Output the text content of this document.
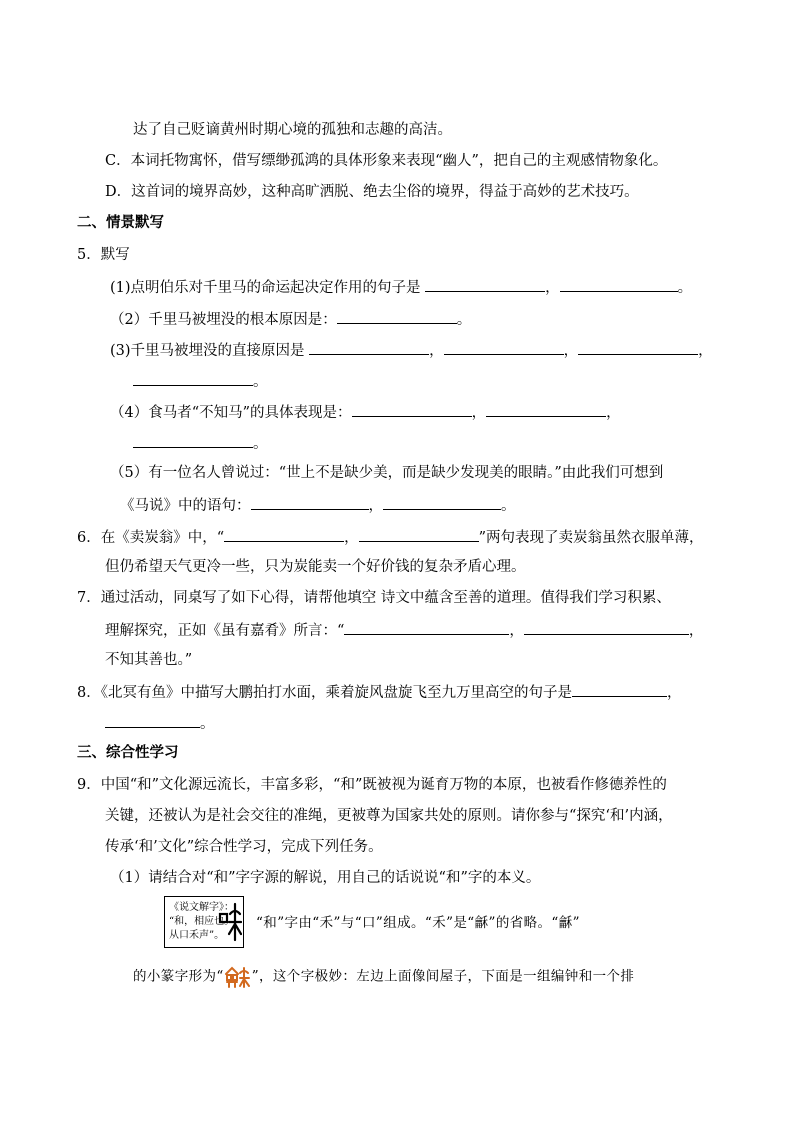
达了自己贬谪黄州时期心境的孤独和志趣的高洁。
C．本词托物寓怀，借写缥缈孤鸿的具体形象来表现“幽人”，把自己的主观感情物象化。
D．这首词的境界高妙，这种高旷洒脱、绝去尘俗的境界，得益于高妙的艺术技巧。
二、情景默写
5．默写
(1)点明伯乐对千里马的命运起决定作用的句子是	，	。
（2）千里马被埋没的根本原因是：	。
(3)千里马被埋没的直接原因是	，	，	，
。
（4）食马者“不知马”的具体表现是：	，	，
。
（5）有一位名人曾说过：“世上不是缺少美，而是缺少发现美的眼睛。”由此我们可想到
《马说》中的语句：	，	。
6．在《卖炭翁》中，“	，	”两句表现了卖炭翁虽然衣服单薄，
但仍希望天气更冷一些，只为炭能卖一个好价钱的复杂矛盾心理。
7．通过活动，同桌写了如下心得，请帮他填空 诗文中蕴含至善的道理。值得我们学习积累、
理解探究，正如《虽有嘉肴》所言：“	，	，
不知其善也。”
8．《北冥有鱼》中描写大鹏拍打水面，乘着旋风盘旋飞至九万里高空的句子是	，
。
三、综合性学习
9．中国“和”文化源远流长，丰富多彩，“和”既被视为诞育万物的本原，也被看作修德养性的
关键，还被认为是社会交往的准绳，更被尊为国家共处的原则。请你参与“探究‘和’内涵，
传承‘和’文化”综合性学习，完成下列任务。
（1）请结合对“和”字字源的解说，用自己的话说说“和”字的本义。
《说文解字》：
“和，相应也。
从口禾声”。
“和”字由“禾”与“口”组成。“禾”是“龢”的省略。“龢”
的小篆字形为“ ”，这个字极妙：左边上面像间屋子，下面是一组编钟和一个排
